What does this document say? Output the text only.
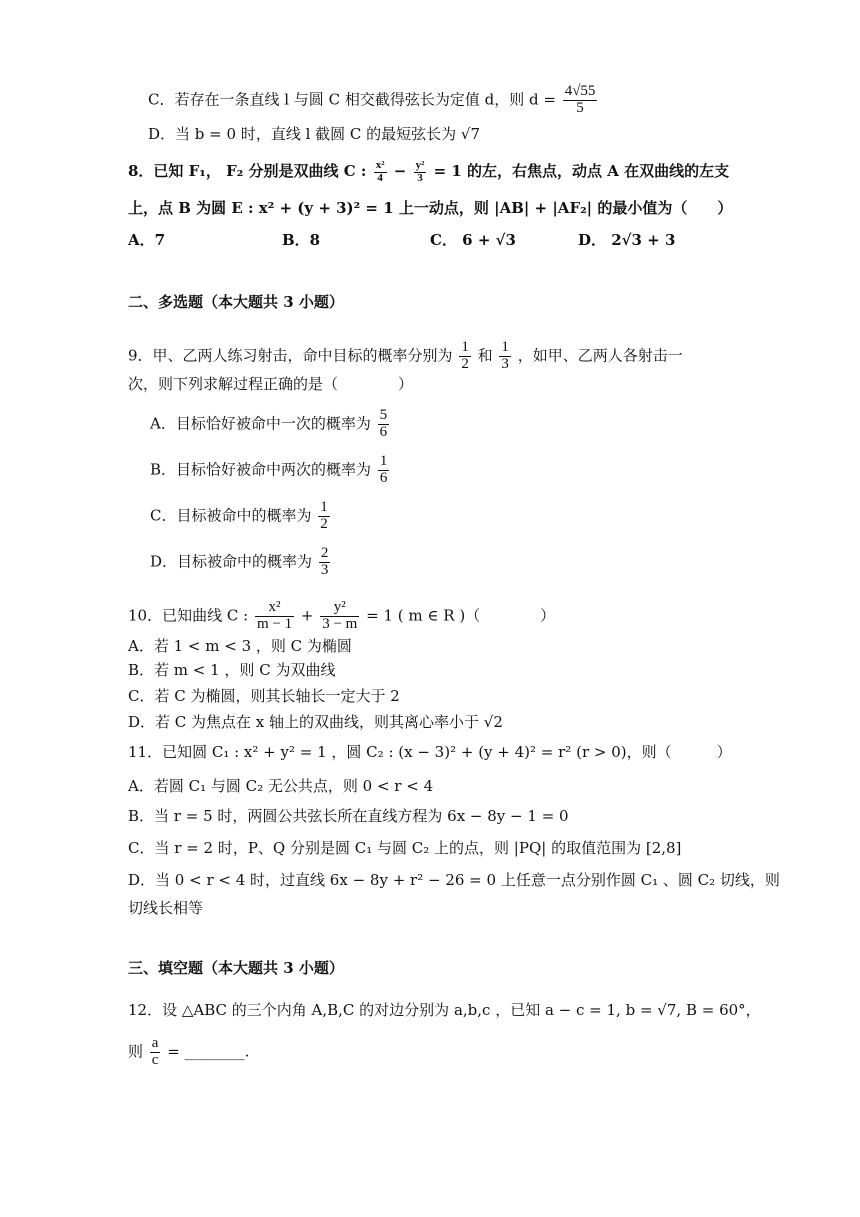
C．若存在一条直线 l 与圆 C 相交截得弦长为定值 d，则 $d = \frac{4√55}{5}$
D．当 b = 0 时，直线 l 截圆 C 的最短弦长为 √7
8．已知 F₁， F₂ 分别是双曲线 C : $\frac{\text{x²}}{4} - \frac{\text{y²}}{3} = 1$ 的左，右焦点，动点 A 在双曲线的左支
上，点 B 为圆 E : x² + (y + 3)² = 1 上一动点，则 |AB| + |AF₂| 的最小值为（　　）
A．7	B．8	C． 6 + √3	D． 2√3 + 3
二、多选题（本大题共 3 小题）
9．甲、乙两人练习射击，命中目标的概率分别为 $\frac{1}{2}$ 和 $\frac{1}{3}$ ，如甲、乙两人各射击一
次，则下列求解过程正确的是（　　　　）
A．目标恰好被命中一次的概率为 $\frac{5}{6}$
B．目标恰好被命中两次的概率为 $\frac{1}{6}$
C．目标被命中的概率为 $\frac{1}{2}$
D．目标被命中的概率为 $\frac{2}{3}$
10．已知曲线 C : $\frac{\text{x²}}{m - 1} + \frac{\text{y²}}{3 - m} = 1$ ( m ∈ R )（　　　　）
A．若 1 < m < 3 ，则 C 为椭圆
B．若 m < 1 ，则 C 为双曲线
C．若 C 为椭圆，则其长轴长一定大于 2
D．若 C 为焦点在 x 轴上的双曲线，则其离心率小于 √2
11．已知圆 C₁ : x² + y² = 1 ，圆 C₂ : (x − 3)² + (y + 4)² = r² (r > 0)，则（　　　）
A．若圆 C₁ 与圆 C₂ 无公共点，则 0 < r < 4
B．当 r = 5 时，两圆公共弦长所在直线方程为 6x − 8y − 1 = 0
C．当 r = 2 时，P、Q 分别是圆 C₁ 与圆 C₂ 上的点，则 |PQ| 的取值范围为 [2,8]
D．当 0 < r < 4 时，过直线 6x − 8y + r² − 26 = 0 上任意一点分别作圆 C₁ 、圆 C₂ 切线，则
切线长相等
三、填空题（本大题共 3 小题）
12．设 △ABC 的三个内角 A,B,C 的对边分别为 a,b,c ，已知 a − c = 1, b = √7, B = 60°，
则 $\frac{a}{c}$ = ________.
